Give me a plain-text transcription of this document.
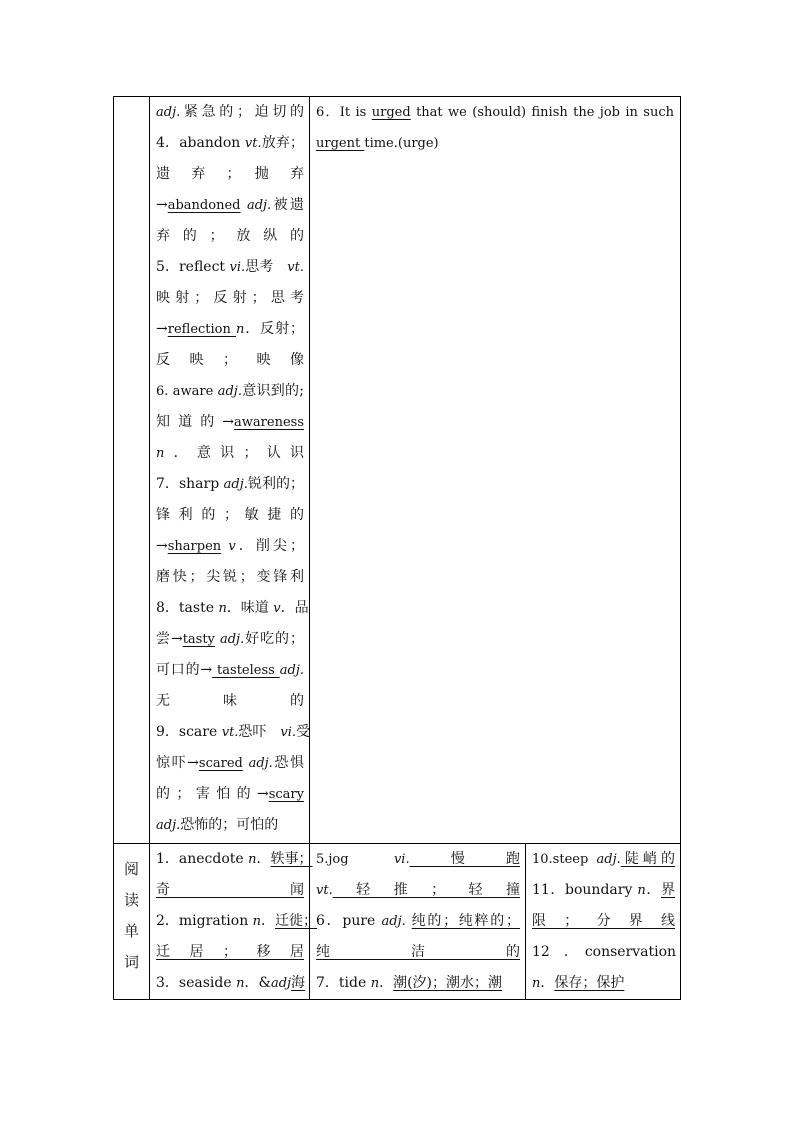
adj.紧急的；迫切的
4．abandon vt.放弃；
遗　弃　；　抛　弃
→abandoned adj.被遗
弃的；放纵的
5．reflect vi.思考　vt.
映射；反射；思考
→reflection n．反射；
反映；映像
6. aware adj.意识到的;
知 道 的 →awareness
n．意识；认识
7．sharp adj.锐利的；
锋 利 的 ； 敏 捷 的
→sharpen v．削尖；
磨快；尖锐；变锋利
8．taste n．味道 v．品
尝→tasty adj.好吃的；
可口的→ tasteless adj.
无味的
9．scare vt.恐吓　vi.受
惊吓→scared adj.恐惧
的 ； 害 怕 的 →scary
adj.恐怖的；可怕的
6．It is urged that we (should) finish the job in such
urgent time.(urge)
阅
读
单
词
1．anecdote n．轶事；
奇闻
2．migration n．迁徙；
迁居；移居
3．seaside n．&adj海
5.jog vi.慢跑
vt.轻推；轻撞
6．pure adj. 纯的；纯粹的；
纯洁的
7．tide n．潮(汐)；潮水；潮
10.steep adj.陡峭的
11．boundary n．界
限；分界线
12　．　conservation
n．保存；保护
